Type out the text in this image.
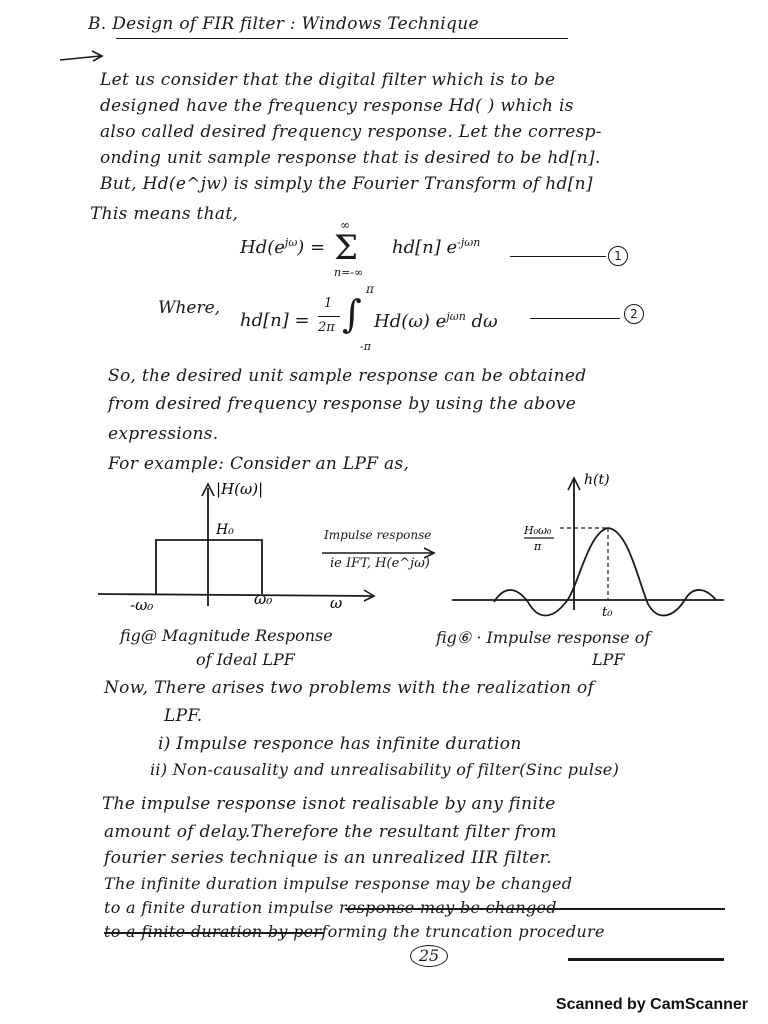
B. Design of FIR filter : Windows Technique
Let us consider that the digital filter which is to be
designed have the frequency response Hd( ) which is
also called desired frequency response. Let the corresp-
onding unit sample response that is desired to be hd[n].
But, Hd(e^jw) is simply the Fourier Transform of hd[n]
This means that,
$Hd(e^{j\omega})$ =
∞
Σ
n=-∞
hd[n] $e^{-j\omega n}$
1
Where,
hd[n] =
1
2π
π
∫
-π
Hd(ω) $e^{j\omega n}$ dω	2
So, the desired unit sample response can be obtained
from desired frequency response by using the above
expressions.
For example: Consider an LPF as,
|H(ω)|
H₀
-ω₀	ω₀	ω
Impulse response
ie IFT, H(e^jω)
h(t)
H₀ω₀
π
t₀
fig@ Magnitude Response
of Ideal LPF
fig⑥ · Impulse response of
LPF
Now, There arises two problems with the realization of
LPF.
i) Impulse responce has infinite duration
ii) Non-causality and unrealisability of filter(Sinc pulse)
The impulse response isnot realisable by any finite
amount of delay.Therefore the resultant filter from
fourier series technique is an unrealized IIR filter.
The infinite duration impulse response may be changed
to a finite duration impulse response may be changed
to a finite duration by performing the truncation procedure
25
Scanned by CamScanner
